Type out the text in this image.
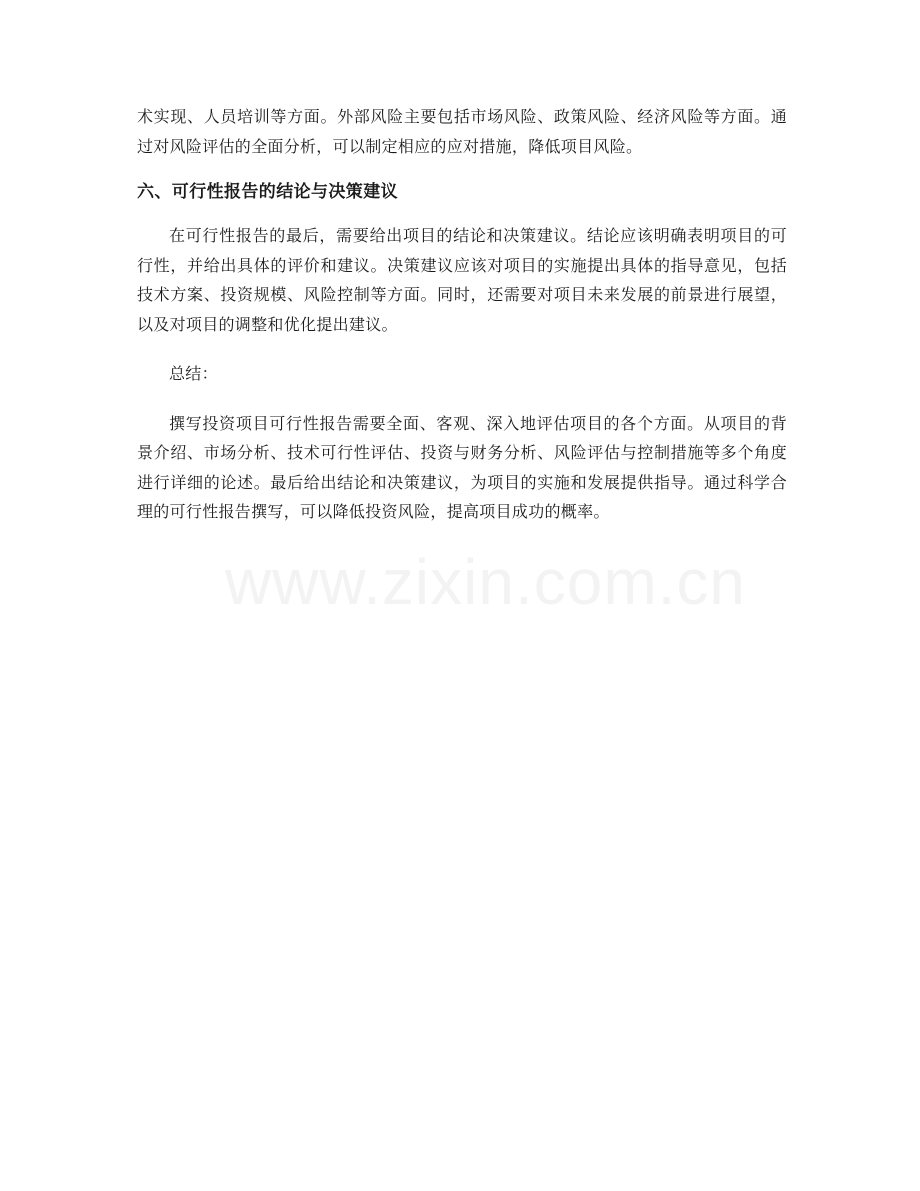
术实现、人员培训等方面。外部风险主要包括市场风险、政策风险、经济风险等方面。通过对风险评估的全面分析，可以制定相应的应对措施，降低项目风险。

六、可行性报告的结论与决策建议

在可行性报告的最后，需要给出项目的结论和决策建议。结论应该明确表明项目的可行性，并给出具体的评价和建议。决策建议应该对项目的实施提出具体的指导意见，包括技术方案、投资规模、风险控制等方面。同时，还需要对项目未来发展的前景进行展望，以及对项目的调整和优化提出建议。

总结：

撰写投资项目可行性报告需要全面、客观、深入地评估项目的各个方面。从项目的背景介绍、市场分析、技术可行性评估、投资与财务分析、风险评估与控制措施等多个角度进行详细的论述。最后给出结论和决策建议，为项目的实施和发展提供指导。通过科学合理的可行性报告撰写，可以降低投资风险，提高项目成功的概率。

www.zixin.com.cn
